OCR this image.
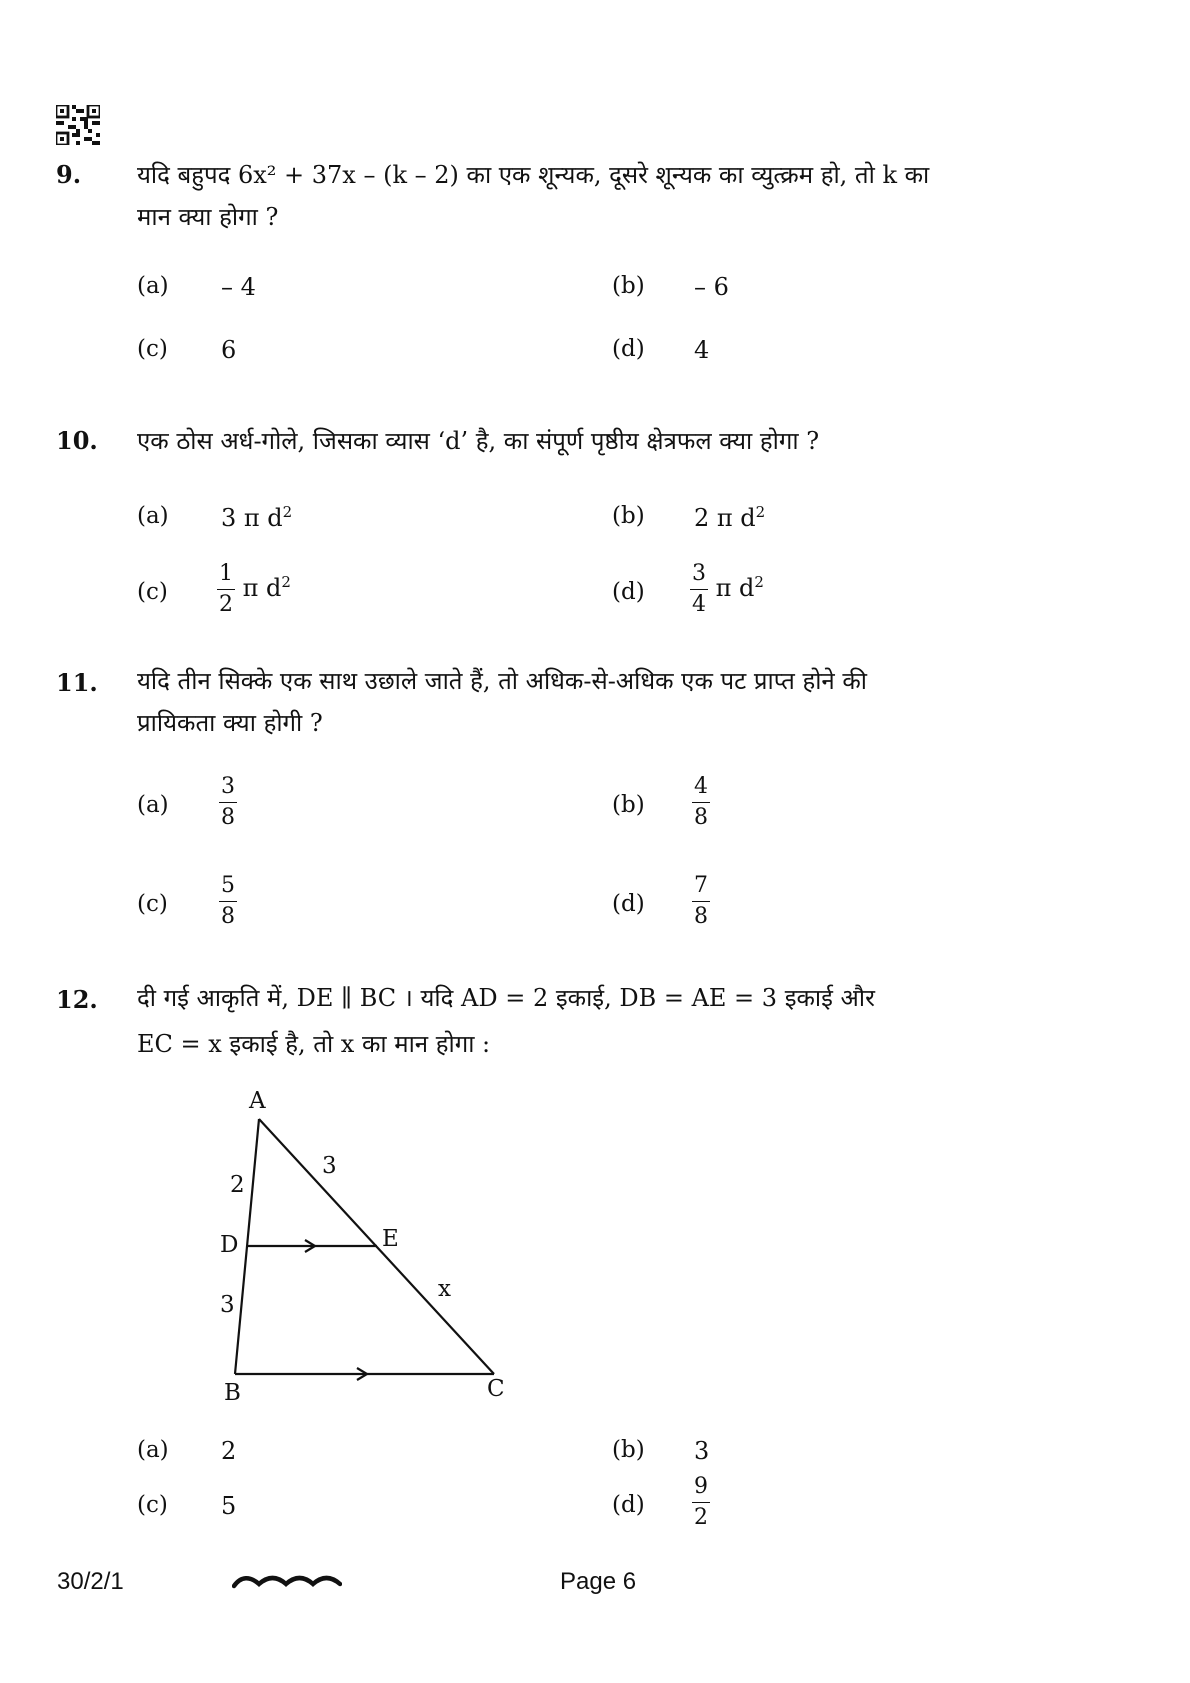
9. यदि बहुपद 6x² + 37x – (k – 2) का एक शून्यक, दूसरे शून्यक का व्युत्क्रम हो, तो k का
मान क्या होगा ?
(a) – 4	(b) – 6
(c) 6	(d) 4
10. एक ठोस अर्ध-गोले, जिसका व्यास ‘d’ है, का संपूर्ण पृष्ठीय क्षेत्रफल क्या होगा ?
(a) 3 π $d^2$	(b) 2 π $d^2$
$(c) \frac{1}{2}$ π $d^2$	$(d) \frac{3}{4}$ π $d^2$
11. यदि तीन सिक्के एक साथ उछाले जाते हैं, तो अधिक-से-अधिक एक पट प्राप्त होने की
प्रायिकता क्या होगी ?
$(a) \frac{3}{8}$	$(b) \frac{4}{8}$
$(c) \frac{5}{8}$	$(d) \frac{7}{8}$
12. दी गई आकृति में, DE ∥ BC । यदि AD = 2 इकाई, DB = AE = 3 इकाई और
EC = x इकाई है, तो x का मान होगा :
A
D	E
B	C
2
3
3
x
(a) 2	(b) 3
(c) 5	$(d) \frac{9}{2}$
30/2/1	Page 6
